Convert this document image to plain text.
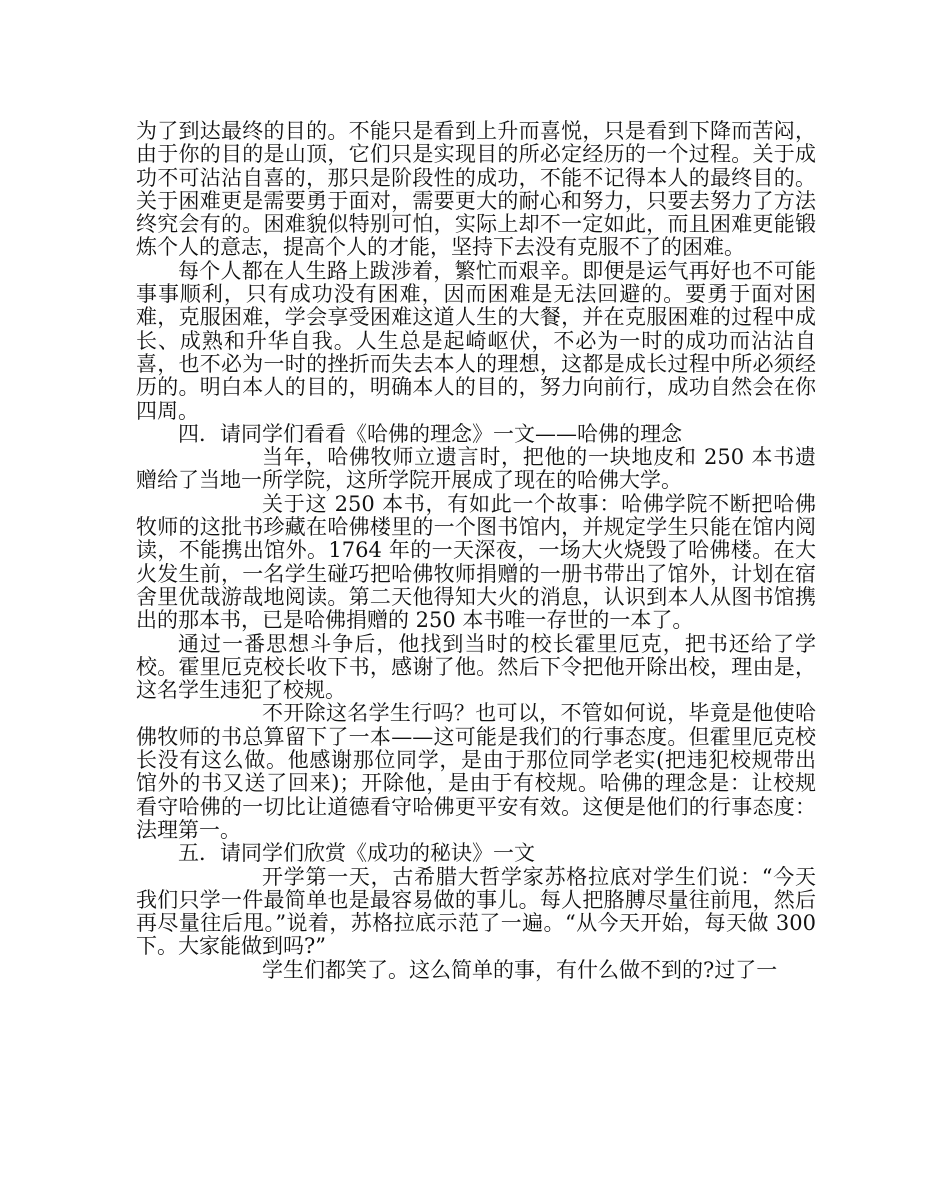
为了到达最终的目的。不能只是看到上升而喜悦，只是看到下降而苦闷，由于你的目的是山顶，它们只是实现目的所必定经历的一个过程。关于成功不可沾沾自喜的，那只是阶段性的成功，不能不记得本人的最终目的。关于困难更是需要勇于面对，需要更大的耐心和努力，只要去努力了方法终究会有的。困难貌似特别可怕，实际上却不一定如此，而且困难更能锻炼个人的意志，提高个人的才能，坚持下去没有克服不了的困难。

每个人都在人生路上跋涉着，繁忙而艰辛。即便是运气再好也不可能事事顺利，只有成功没有困难，因而困难是无法回避的。要勇于面对困难，克服困难，学会享受困难这道人生的大餐，并在克服困难的过程中成长、成熟和升华自我。人生总是起崎岖伏，不必为一时的成功而沾沾自喜，也不必为一时的挫折而失去本人的理想，这都是成长过程中所必须经历的。明白本人的目的，明确本人的目的，努力向前行，成功自然会在你四周。

四．请同学们看看《哈佛的理念》一文——哈佛的理念

当年，哈佛牧师立遗言时，把他的一块地皮和 250 本书遗赠给了当地一所学院，这所学院开展成了现在的哈佛大学。

关于这 250 本书，有如此一个故事：哈佛学院不断把哈佛牧师的这批书珍藏在哈佛楼里的一个图书馆内，并规定学生只能在馆内阅读，不能携出馆外。1764 年的一天深夜，一场大火烧毁了哈佛楼。在大火发生前，一名学生碰巧把哈佛牧师捐赠的一册书带出了馆外，计划在宿舍里优哉游哉地阅读。第二天他得知大火的消息，认识到本人从图书馆携出的那本书，已是哈佛捐赠的 250 本书唯一存世的一本了。

通过一番思想斗争后，他找到当时的校长霍里厄克，把书还给了学校。霍里厄克校长收下书，感谢了他。然后下令把他开除出校，理由是，这名学生违犯了校规。

不开除这名学生行吗？也可以，不管如何说，毕竟是他使哈佛牧师的书总算留下了一本——这可能是我们的行事态度。但霍里厄克校长没有这么做。他感谢那位同学，是由于那位同学老实(把违犯校规带出馆外的书又送了回来)；开除他，是由于有校规。哈佛的理念是：让校规看守哈佛的一切比让道德看守哈佛更平安有效。这便是他们的行事态度：法理第一。

五．请同学们欣赏《成功的秘诀》一文

开学第一天，古希腊大哲学家苏格拉底对学生们说：“今天我们只学一件最简单也是最容易做的事儿。每人把胳膊尽量往前甩，然后再尽量往后甩。”说着，苏格拉底示范了一遍。“从今天开始，每天做 300 下。大家能做到吗?”

学生们都笑了。这么简单的事，有什么做不到的?过了一
